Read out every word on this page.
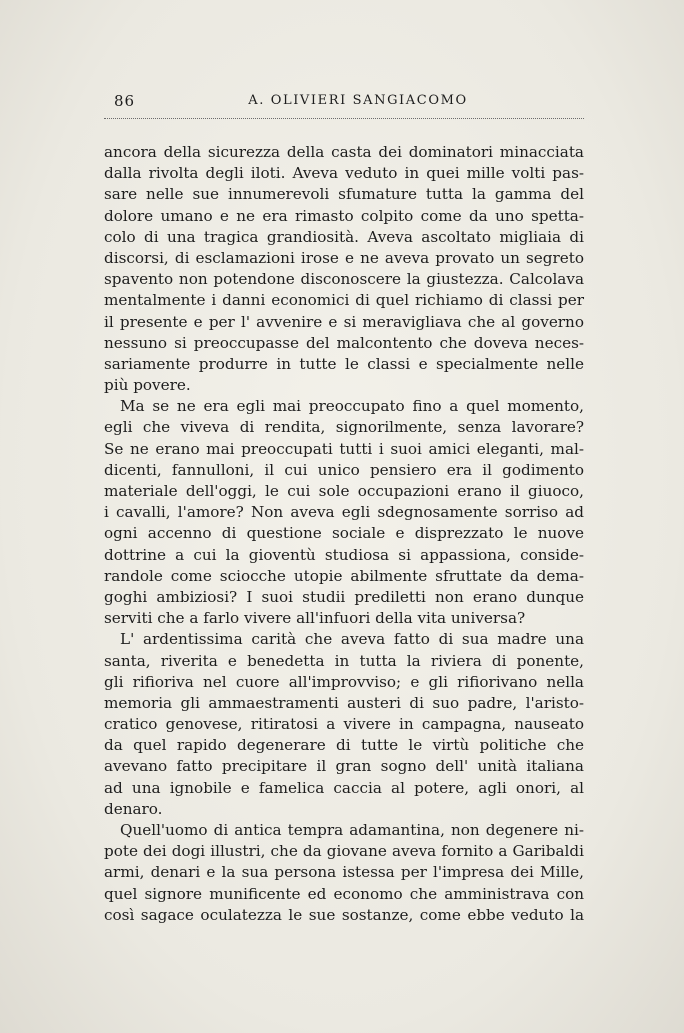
86	A. OLIVIERI SANGIACOMO
ancora della sicurezza della casta dei dominatori minacciata
dalla rivolta degli iloti. Aveva veduto in quei mille volti pas-
sare nelle sue innumerevoli sfumature tutta la gamma del
dolore umano e ne era rimasto colpito come da uno spetta-
colo di una tragica grandiosità. Aveva ascoltato migliaia di
discorsi, di esclamazioni irose e ne aveva provato un segreto
spavento non potendone disconoscere la giustezza. Calcolava
mentalmente i danni economici di quel richiamo di classi per
il presente e per l' avvenire e si meravigliava che al governo
nessuno si preoccupasse del malcontento che doveva neces-
sariamente produrre in tutte le classi e specialmente nelle
più povere.
Ma se ne era egli mai preoccupato fino a quel momento,
egli che viveva di rendita, signorilmente, senza lavorare?
Se ne erano mai preoccupati tutti i suoi amici eleganti, mal-
dicenti, fannulloni, il cui unico pensiero era il godimento
materiale dell'oggi, le cui sole occupazioni erano il giuoco,
i cavalli, l'amore? Non aveva egli sdegnosamente sorriso ad
ogni accenno di questione sociale e disprezzato le nuove
dottrine a cui la gioventù studiosa si appassiona, conside-
randole come sciocche utopie abilmente sfruttate da dema-
goghi ambiziosi? I suoi studii prediletti non erano dunque
serviti che a farlo vivere all'infuori della vita universa?
L' ardentissima carità che aveva fatto di sua madre una
santa, riverita e benedetta in tutta la riviera di ponente,
gli rifioriva nel cuore all'improvviso; e gli rifiorivano nella
memoria gli ammaestramenti austeri di suo padre, l'aristo-
cratico genovese, ritiratosi a vivere in campagna, nauseato
da quel rapido degenerare di tutte le virtù politiche che
avevano fatto precipitare il gran sogno dell' unità italiana
ad una ignobile e famelica caccia al potere, agli onori, al
denaro.
Quell'uomo di antica tempra adamantina, non degenere ni-
pote dei dogi illustri, che da giovane aveva fornito a Garibaldi
armi, denari e la sua persona istessa per l'impresa dei Mille,
quel signore munificente ed economo che amministrava con
così sagace oculatezza le sue sostanze, come ebbe veduto la
